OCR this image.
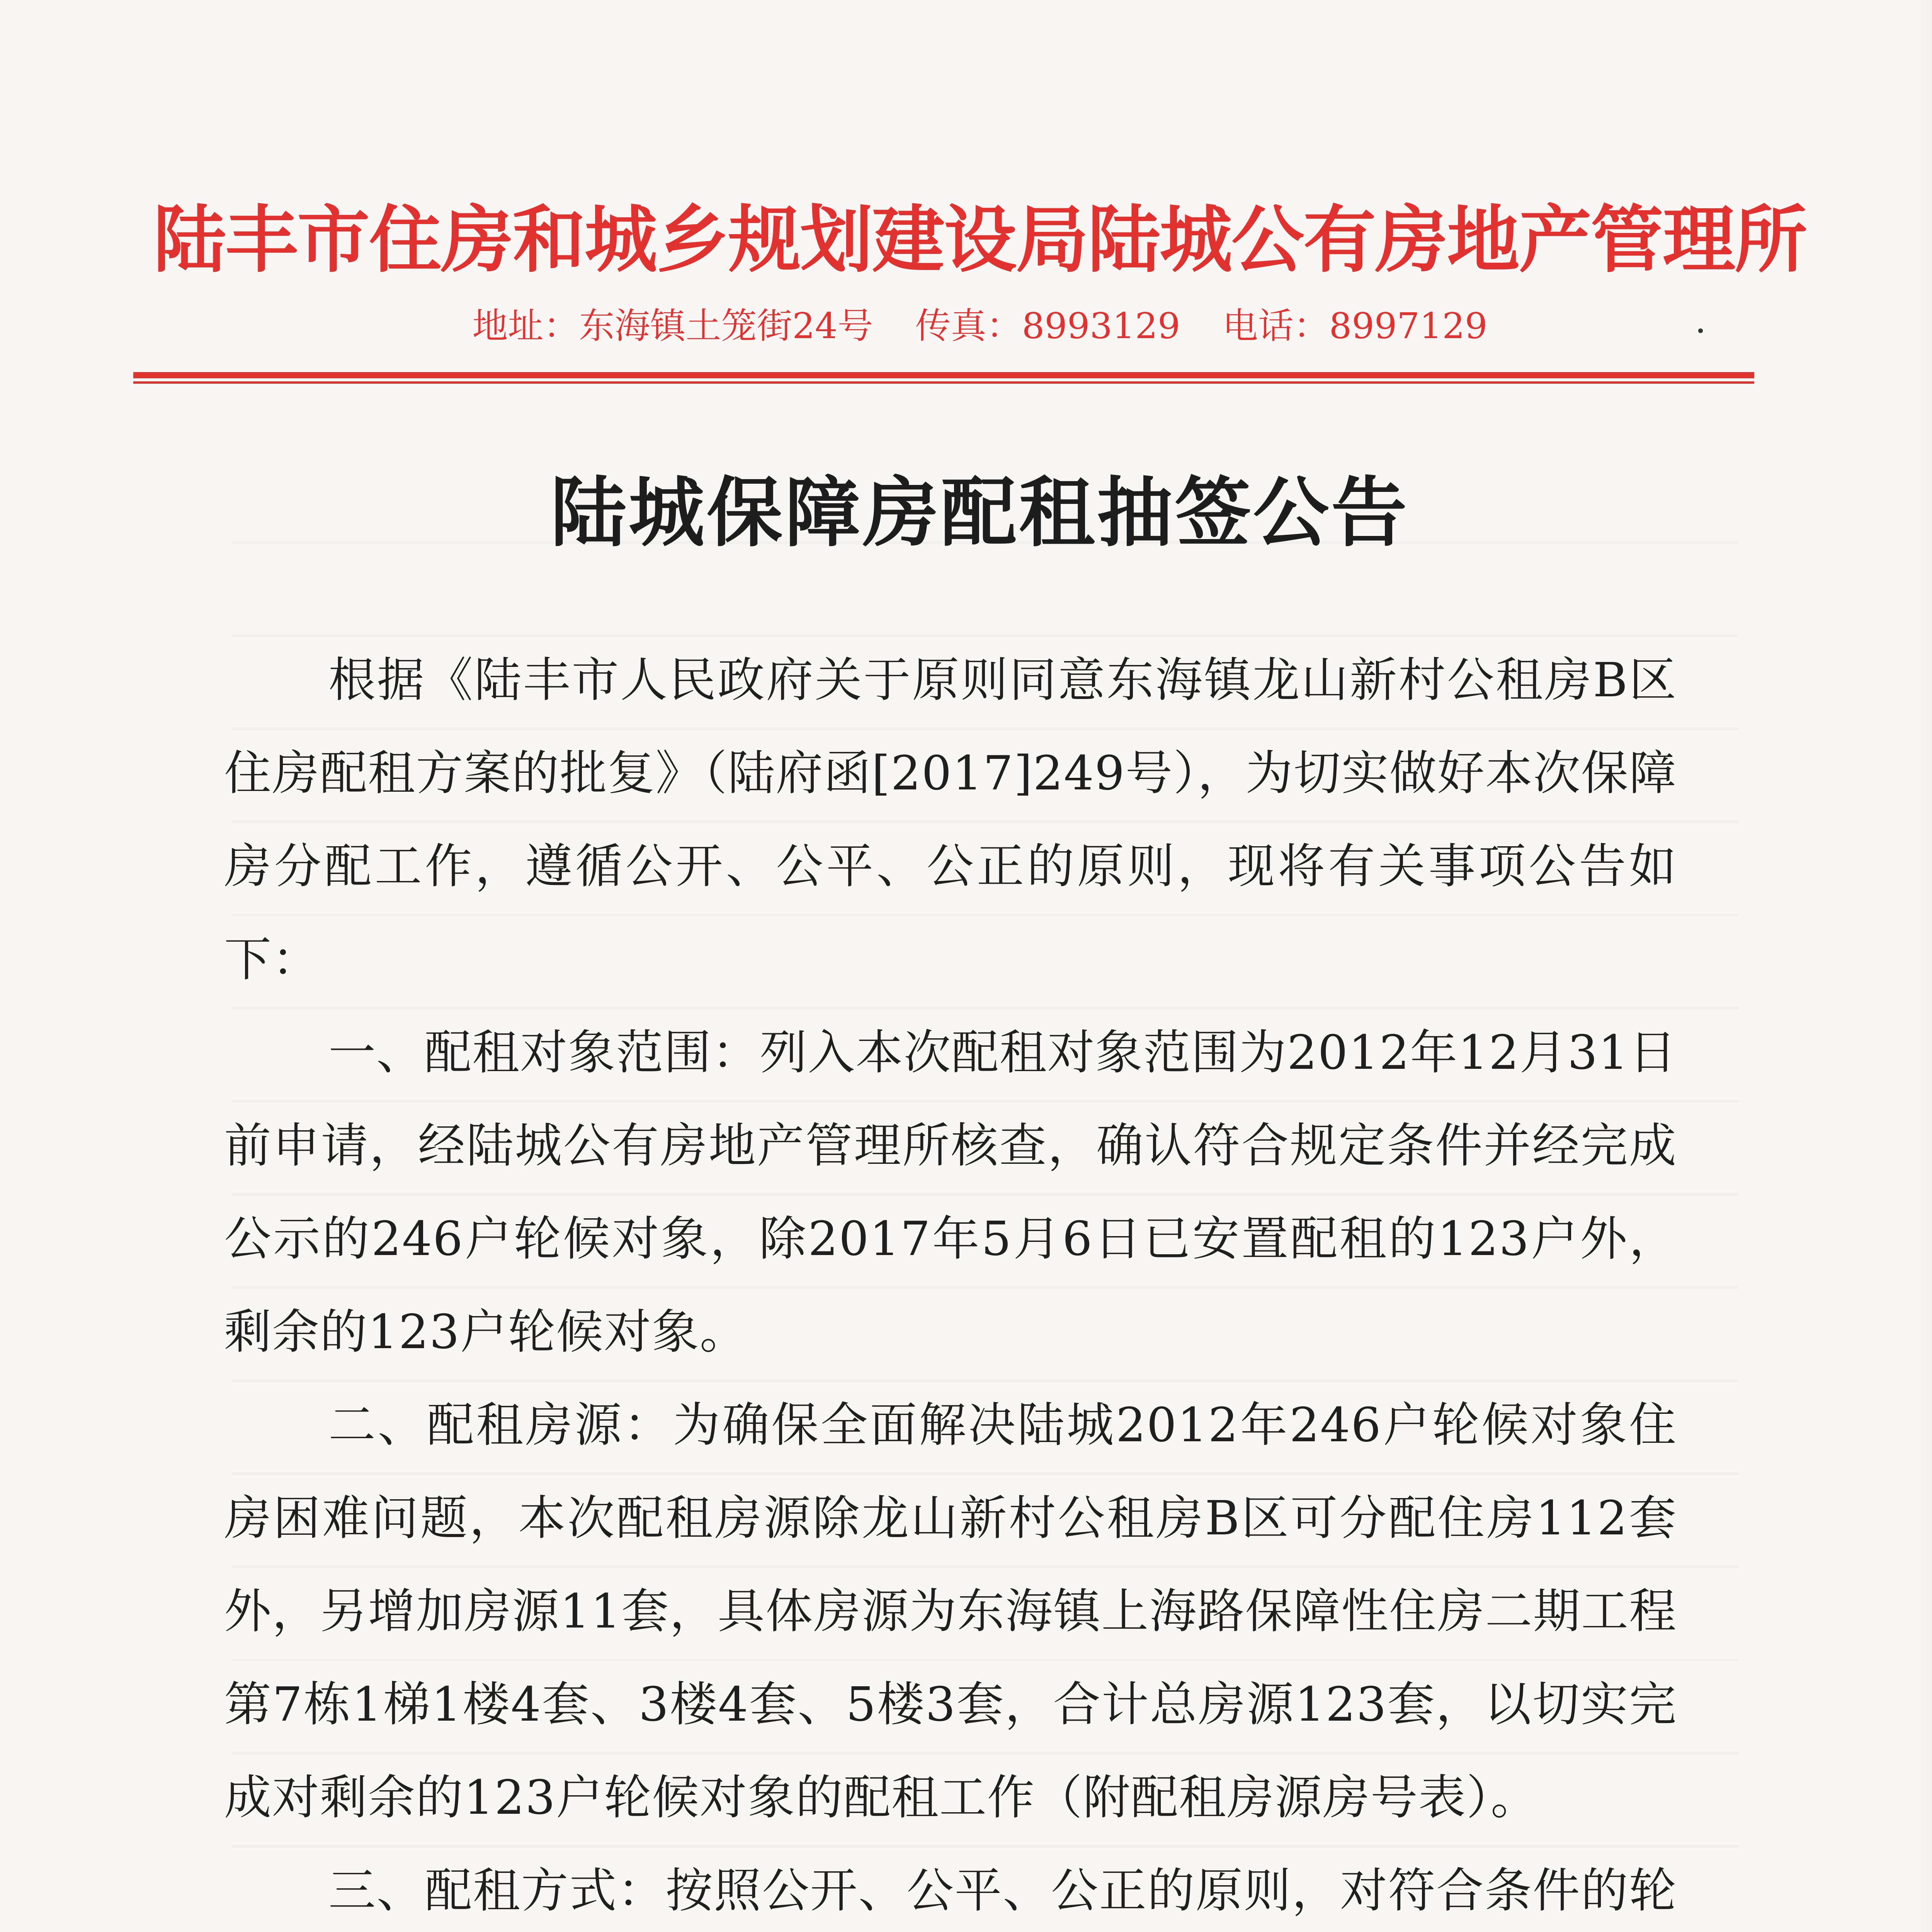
陆丰市住房和城乡规划建设局陆城公有房地产管理所
地址：东海镇土笼街24号 传真：8993129 电话：8997129
陆城保障房配租抽签公告

根据《陆丰市人民政府关于原则同意东海镇龙山新村公租房B区住房配租方案的批复》（陆府函[2017]249号），为切实做好本次保障房分配工作，遵循公开、公平、公正的原则，现将有关事项公告如下：

一、配租对象范围：列入本次配租对象范围为2012年12月31日前申请，经陆城公有房地产管理所核查，确认符合规定条件并经完成公示的246户轮候对象，除2017年5月6日已安置配租的123户外，剩余的123户轮候对象。

二、配租房源：为确保全面解决陆城2012年246户轮候对象住房困难问题，本次配租房源除龙山新村公租房B区可分配住房112套外，另增加房源11套，具体房源为东海镇上海路保障性住房二期工程第7栋1梯1楼4套、3楼4套、5楼3套，合计总房源123套，以切实完成对剩余的123户轮候对象的配租工作（附配租房源房号表）。

三、配租方式：按照公开、公平、公正的原则，对符合条件的轮
